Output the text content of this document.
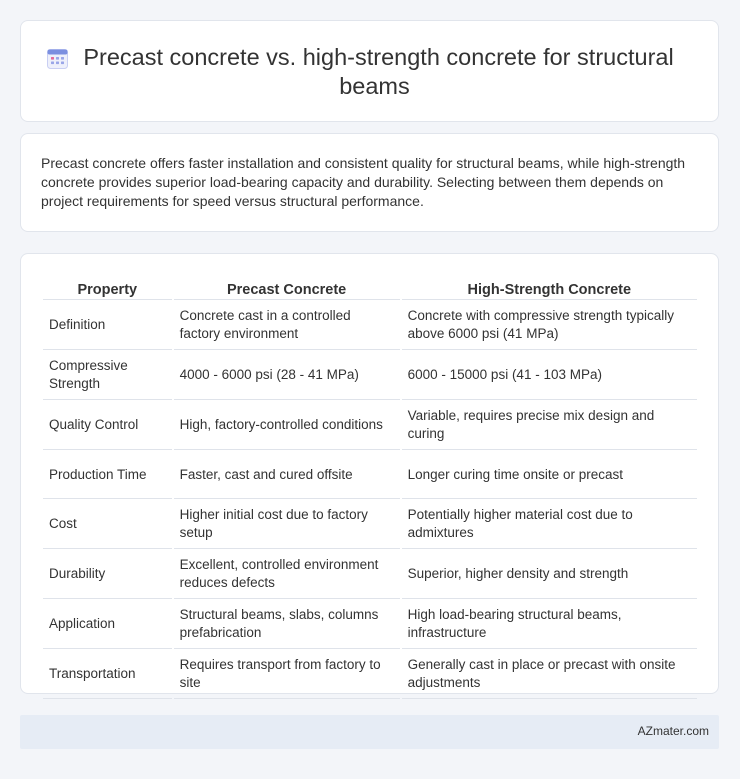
Precast concrete vs. high-strength concrete for structural beams

Precast concrete offers faster installation and consistent quality for structural beams, while high-strength concrete provides superior load-bearing capacity and durability. Selecting between them depends on project requirements for speed versus structural performance.

Property	Precast Concrete	High-Strength Concrete
Definition	Concrete cast in a controlled factory environment	Concrete with compressive strength typically above 6000 psi (41 MPa)
Compressive Strength	4000 - 6000 psi (28 - 41 MPa)	6000 - 15000 psi (41 - 103 MPa)
Quality Control	High, factory-controlled conditions	Variable, requires precise mix design and curing
Production Time	Faster, cast and cured offsite	Longer curing time onsite or precast
Cost	Higher initial cost due to factory setup	Potentially higher material cost due to admixtures
Durability	Excellent, controlled environment reduces defects	Superior, higher density and strength
Application	Structural beams, slabs, columns prefabrication	High load-bearing structural beams, infrastructure
Transportation	Requires transport from factory to site	Generally cast in place or precast with onsite adjustments
AZmater.com
